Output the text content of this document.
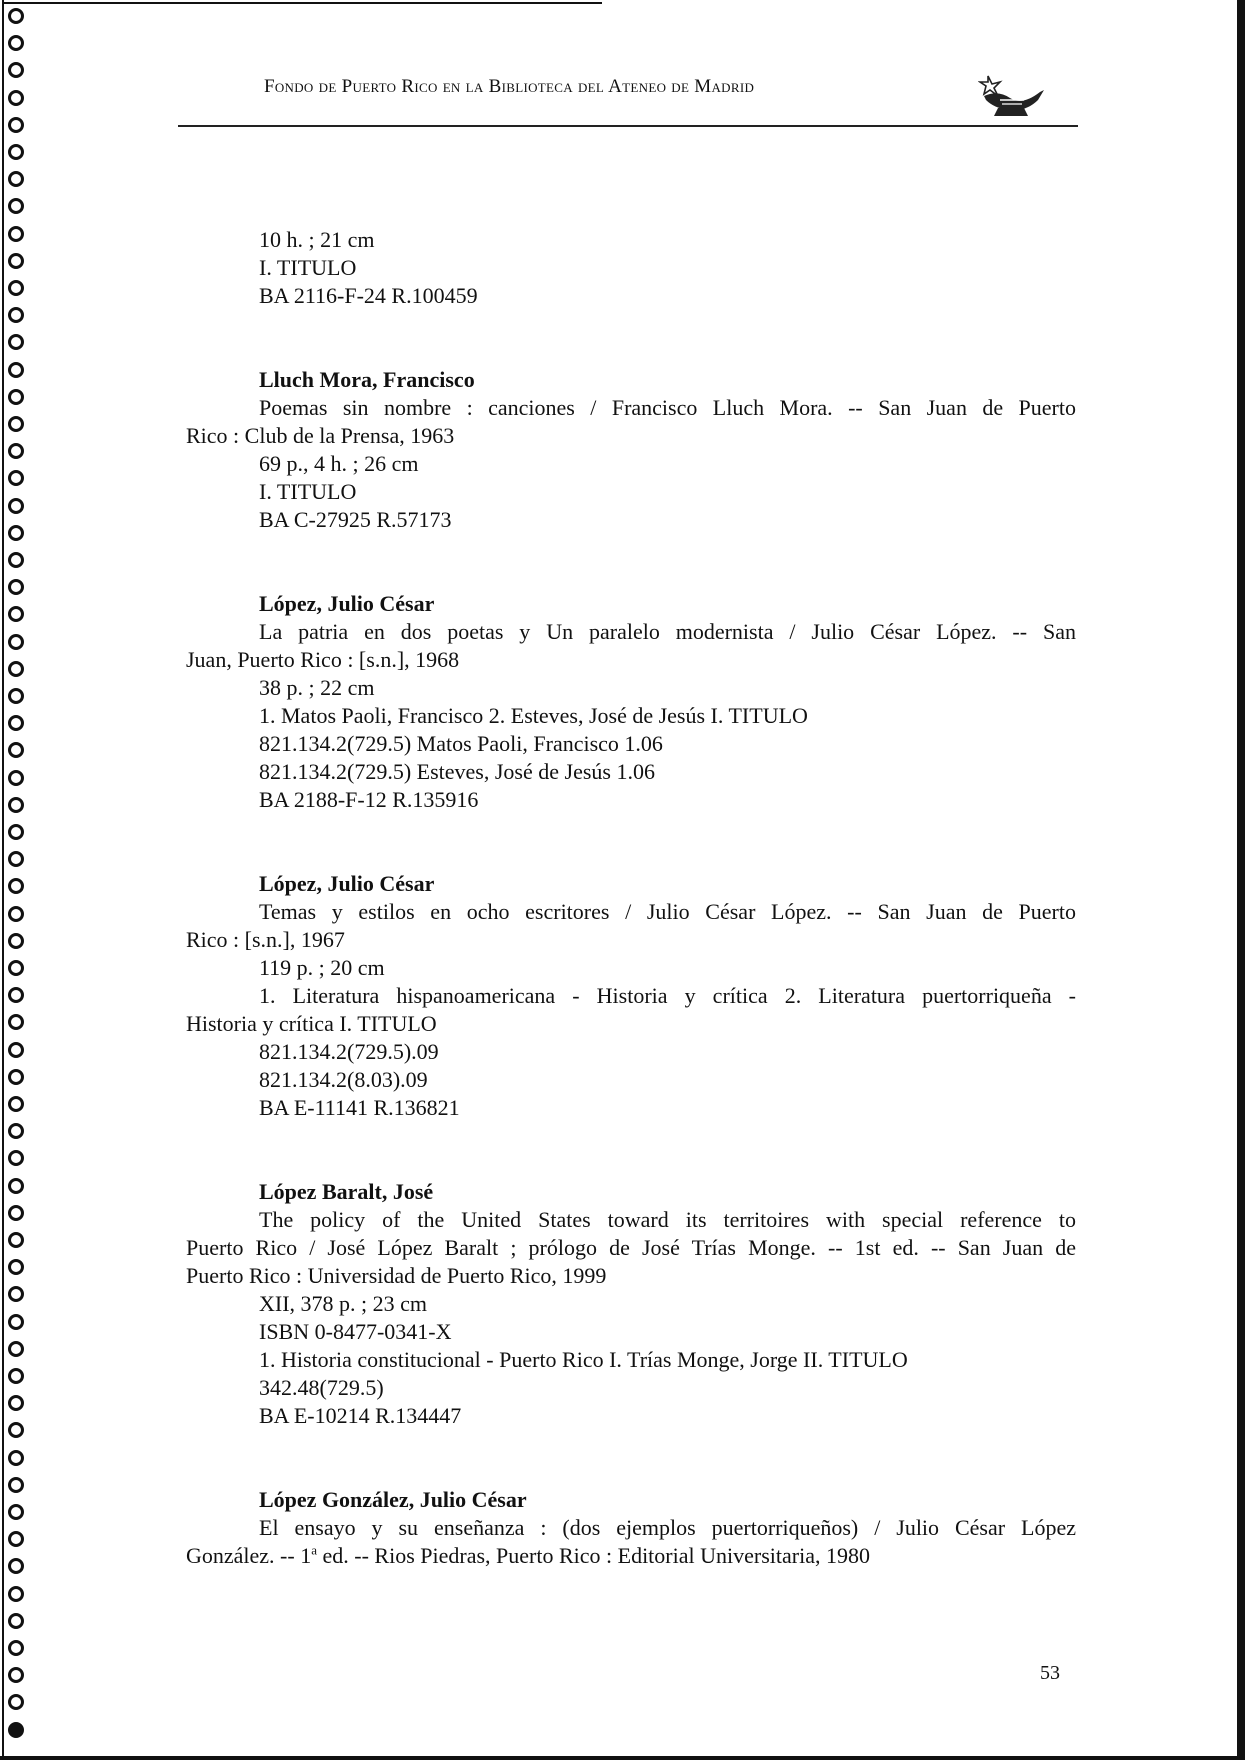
Fondo de Puerto Rico en la Biblioteca del Ateneo de Madrid
10 h. ; 21 cm
I. TITULO
BA 2116-F-24 R.100459
Lluch Mora, Francisco
Poemas sin nombre : canciones / Francisco Lluch Mora. -- San Juan de Puerto
Rico : Club de la Prensa, 1963
69 p., 4 h. ; 26 cm
I. TITULO
BA C-27925 R.57173
López, Julio César
La patria en dos poetas y Un paralelo modernista / Julio César López. -- San
Juan, Puerto Rico : [s.n.], 1968
38 p. ; 22 cm
1. Matos Paoli, Francisco 2. Esteves, José de Jesús I. TITULO
821.134.2(729.5) Matos Paoli, Francisco 1.06
821.134.2(729.5) Esteves, José de Jesús 1.06
BA 2188-F-12 R.135916
López, Julio César
Temas y estilos en ocho escritores / Julio César López. -- San Juan de Puerto
Rico : [s.n.], 1967
119 p. ; 20 cm
1. Literatura hispanoamericana - Historia y crítica 2. Literatura puertorriqueña -
Historia y crítica I. TITULO
821.134.2(729.5).09
821.134.2(8.03).09
BA E-11141 R.136821
López Baralt, José
The policy of the United States toward its territoires with special reference to
Puerto Rico / José López Baralt ; prólogo de José Trías Monge. -- 1st ed. -- San Juan de
Puerto Rico : Universidad de Puerto Rico, 1999
XII, 378 p. ; 23 cm
ISBN 0-8477-0341-X
1. Historia constitucional - Puerto Rico I. Trías Monge, Jorge II. TITULO
342.48(729.5)
BA E-10214 R.134447
López González, Julio César
El ensayo y su enseñanza : (dos ejemplos puertorriqueños) / Julio César López
González. -- 1$^a$ ed. -- Rios Piedras, Puerto Rico : Editorial Universitaria, 1980
53
